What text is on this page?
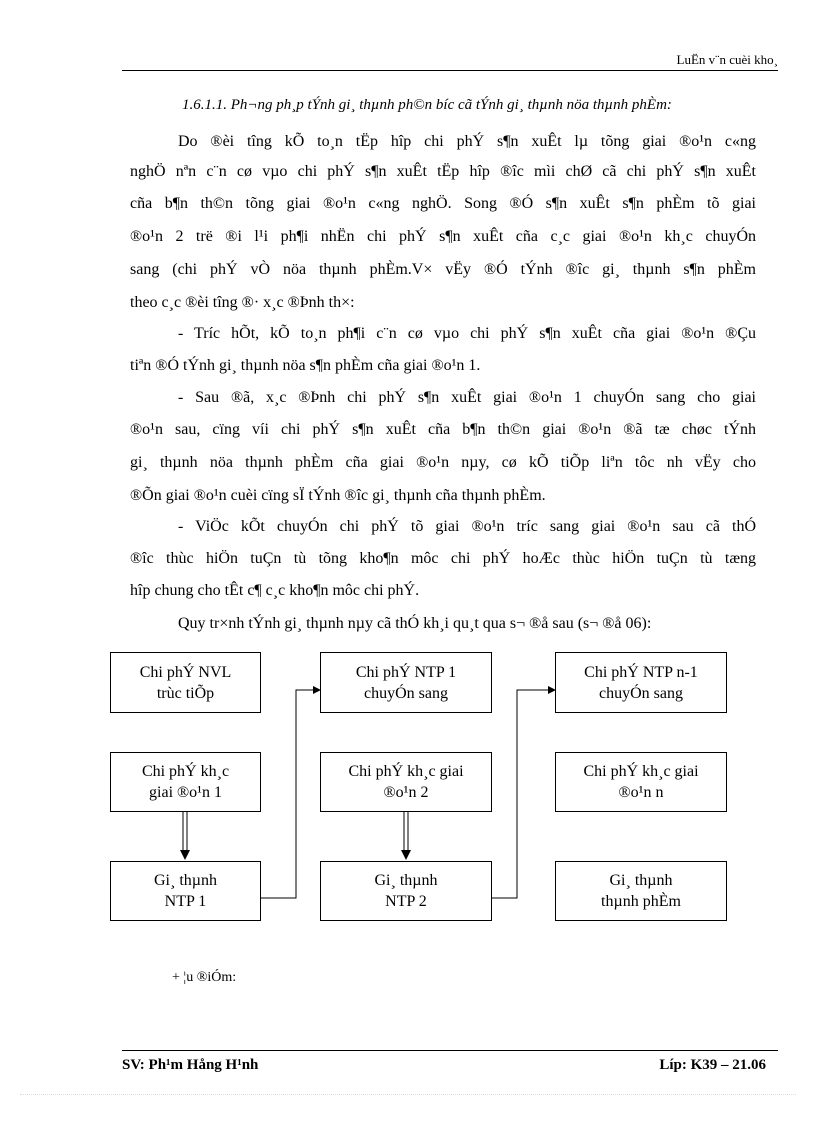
LuËn v¨n cuèi kho¸
1.6.1.1. Ph¬ng ph¸p tÝnh gi¸ thµnh ph©n bíc cã tÝnh gi¸ thµnh nöa thµnh phÈm:
Do ®èi tîng kÕ to¸n tËp hîp chi phÝ s¶n xuÊt lµ tõng giai ®o¹n c«ng
nghÖ nªn c¨n cø vµo chi phÝ s¶n xuÊt tËp hîp ®îc mìi chØ cã chi phÝ s¶n xuÊt
cña b¶n th©n tõng giai ®o¹n c«ng nghÖ. Song ®Ó s¶n xuÊt s¶n phÈm tõ giai
®o¹n 2 trë ®i l¹i ph¶i nhËn chi phÝ s¶n xuÊt cña c¸c giai ®o¹n kh¸c chuyÓn
sang (chi phÝ vÒ nöa thµnh phÈm.V× vËy ®Ó tÝnh ®îc gi¸ thµnh s¶n phÈm
theo c¸c ®èi tîng ®· x¸c ®Þnh th×:
- Tríc hÕt, kÕ to¸n ph¶i c¨n cø vµo chi phÝ s¶n xuÊt cña giai ®o¹n ®Çu
tiªn ®Ó tÝnh gi¸ thµnh nöa s¶n phÈm cña giai ®o¹n 1.
- Sau ®ã, x¸c ®Þnh chi phÝ s¶n xuÊt giai ®o¹n 1 chuyÓn sang cho giai
®o¹n sau, cïng víi chi phÝ s¶n xuÊt cña b¶n th©n giai ®o¹n ®ã tæ chøc tÝnh
gi¸ thµnh nöa thµnh phÈm cña giai ®o¹n nµy, cø kÕ tiÕp liªn tôc nh vËy cho
®Õn giai ®o¹n cuèi cïng sÏ tÝnh ®îc gi¸ thµnh cña thµnh phÈm.
- ViÖc kÕt chuyÓn chi phÝ tõ giai ®o¹n tríc sang giai ®o¹n sau cã thÓ
®îc thùc hiÖn tuÇn tù tõng kho¶n môc chi phÝ hoÆc thùc hiÖn tuÇn tù tæng
hîp chung cho tÊt c¶ c¸c kho¶n môc chi phÝ.
Quy tr×nh tÝnh gi¸ thµnh nµy cã thÓ kh¸i qu¸t qua s¬ ®å sau (s¬ ®å 06):
Chi phÝ NVL
trùc tiÕp
Chi phÝ kh¸c
giai ®o¹n 1
Gi¸ thµnh
NTP 1
Chi phÝ NTP 1
chuyÓn sang
Chi phÝ kh¸c giai
®o¹n 2
Gi¸ thµnh
NTP 2
Chi phÝ NTP n-1
chuyÓn sang
Chi phÝ kh¸c giai
®o¹n n
Gi¸ thµnh
thµnh phÈm
+ ¦u ®iÓm:
SV: Ph¹m Hång H¹nh	Líp: K39 – 21.06
